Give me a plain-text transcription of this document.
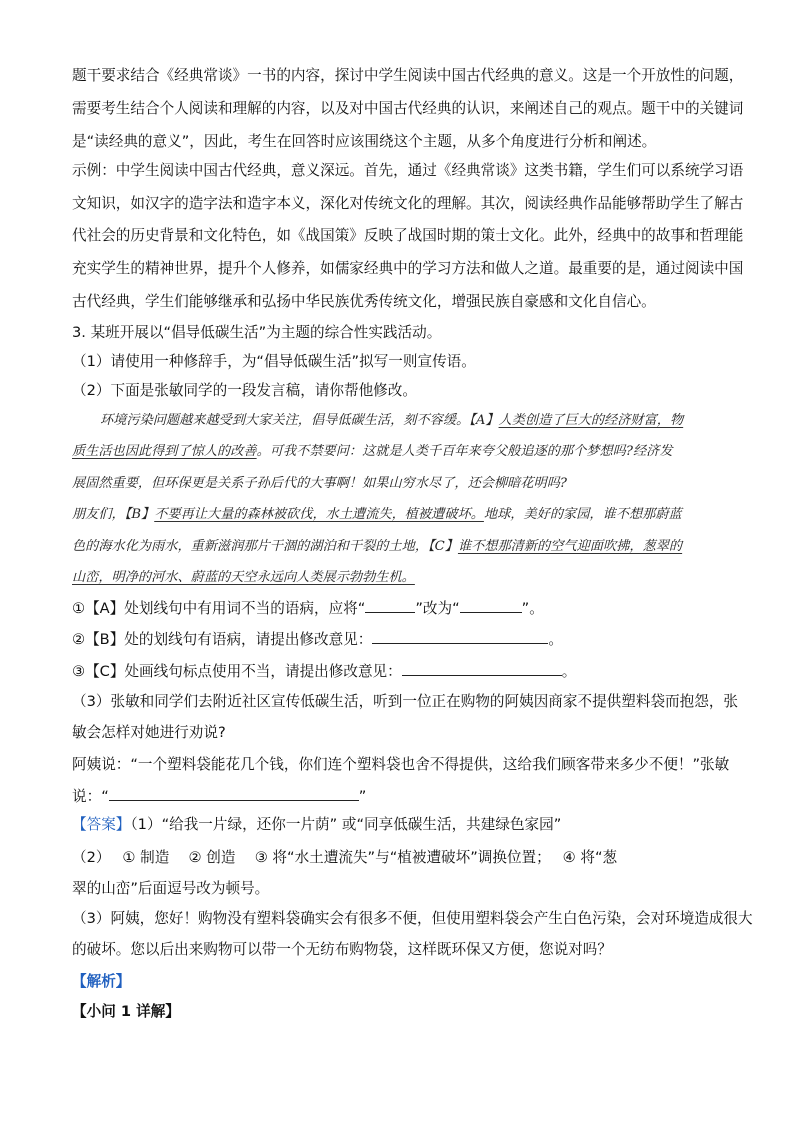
题干要求结合《经典常谈》一书的内容，探讨中学生阅读中国古代经典的意义。这是一个开放性的问题，
需要考生结合个人阅读和理解的内容，以及对中国古代经典的认识，来阐述自己的观点。题干中的关键词
是“读经典的意义”，因此，考生在回答时应该围绕这个主题，从多个角度进行分析和阐述。
示例：中学生阅读中国古代经典，意义深远。首先，通过《经典常谈》这类书籍，学生们可以系统学习语
文知识，如汉字的造字法和造字本义，深化对传统文化的理解。其次，阅读经典作品能够帮助学生了解古
代社会的历史背景和文化特色，如《战国策》反映了战国时期的策士文化。此外，经典中的故事和哲理能
充实学生的精神世界，提升个人修养，如儒家经典中的学习方法和做人之道。最重要的是，通过阅读中国
古代经典，学生们能够继承和弘扬中华民族优秀传统文化，增强民族自豪感和文化自信心。
3. 某班开展以“倡导低碳生活”为主题的综合性实践活动。
（1）请使用一种修辞手，为“倡导低碳生活”拟写一则宣传语。
（2）下面是张敏同学的一段发言稿，请你帮他修改。
环境污染问题越来越受到大家关注，倡导低碳生活，刻不容缓。【A】人类创造了巨大的经济财富，物
质生活也因此得到了惊人的改善。可我不禁要问：这就是人类千百年来夸父般追逐的那个梦想吗?经济发
展固然重要，但环保更是关系子孙后代的大事啊！如果山穷水尽了，还会柳暗花明吗?
朋友们，【B】不要再让大量的森林被砍伐，水土遭流失，植被遭破坏。地球，美好的家园，谁不想那蔚蓝
色的海水化为雨水，重新滋润那片干涸的湖泊和干裂的土地，【C】谁不想那清新的空气迎面吹拂，葱翠的
山峦，明净的河水、蔚蓝的天空永远向人类展示勃勃生机。
①【A】处划线句中有用词不当的语病，应将“	”改为“	”。
②【B】处的划线句有语病，请提出修改意见：	。
③【C】处画线句标点使用不当，请提出修改意见：	。
（3）张敏和同学们去附近社区宣传低碳生活，听到一位正在购物的阿姨因商家不提供塑料袋而抱怨，张
敏会怎样对她进行劝说?
阿姨说：“一个塑料袋能花几个钱，你们连个塑料袋也舍不得提供，这给我们顾客带来多少不便！”张敏
说：“	”
【答案】（1）“给我一片绿，还你一片荫” 或“同享低碳生活，共建绿色家园”
（2）　 ① 制造　 ② 创造　 ③ 将“水土遭流失”与“植被遭破坏”调换位置；　 ④ 将“葱
翠的山峦”后面逗号改为顿号。
（3）阿姨，您好！购物没有塑料袋确实会有很多不便，但使用塑料袋会产生白色污染，会对环境造成很大
的破坏。您以后出来购物可以带一个无纺布购物袋，这样既环保又方便，您说对吗？
【解析】
【小问 1 详解】
